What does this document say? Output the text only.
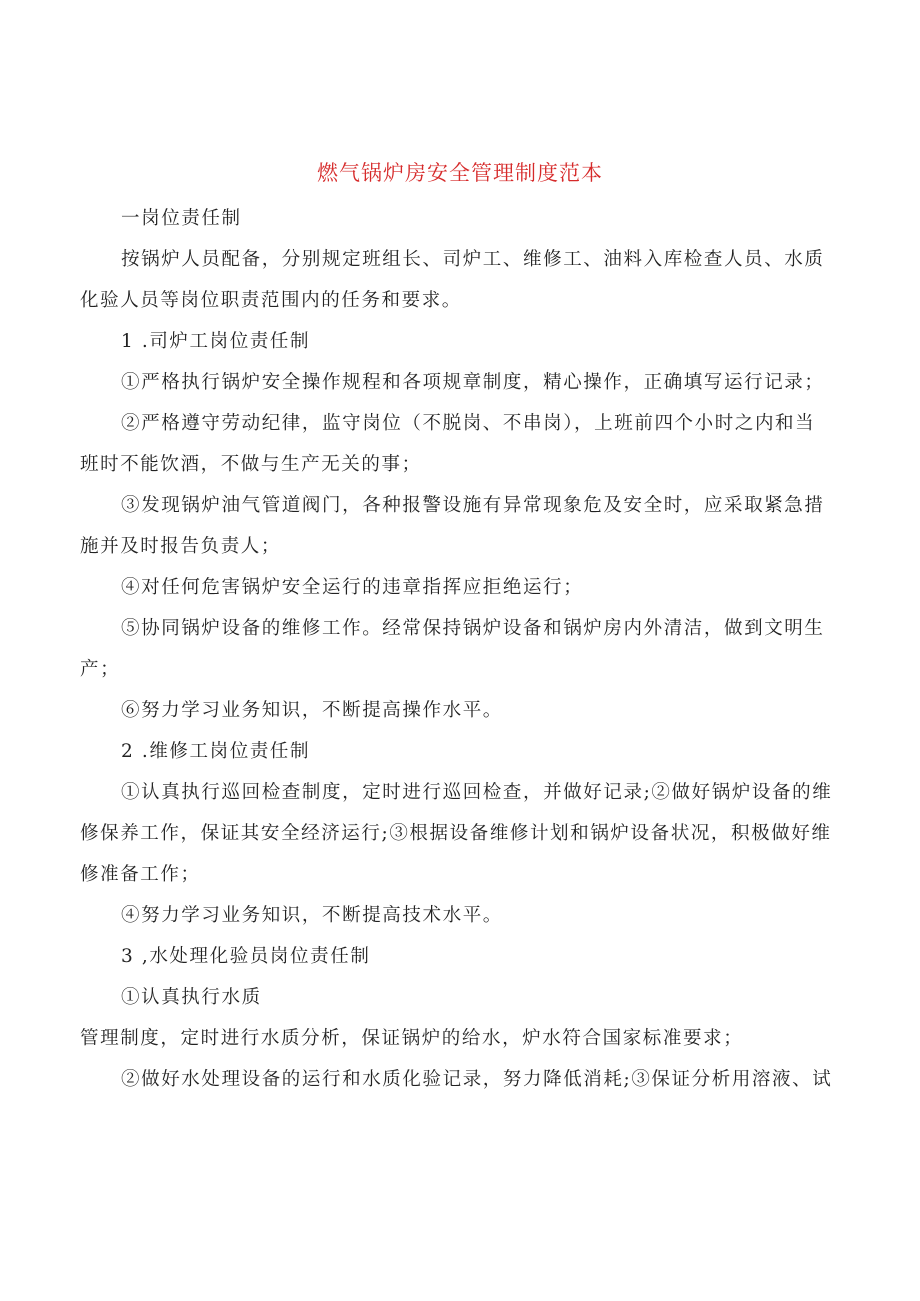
燃气锅炉房安全管理制度范本

一岗位责任制

按锅炉人员配备，分别规定班组长、司炉工、维修工、油料入库检查人员、水质

化验人员等岗位职责范围内的任务和要求。

1 .司炉工岗位责任制

①严格执行锅炉安全操作规程和各项规章制度，精心操作，正确填写运行记录；

②严格遵守劳动纪律，监守岗位（不脱岗、不串岗），上班前四个小时之内和当

班时不能饮酒，不做与生产无关的事；

③发现锅炉油气管道阀门，各种报警设施有异常现象危及安全时，应采取紧急措

施并及时报告负责人；

④对任何危害锅炉安全运行的违章指挥应拒绝运行；

⑤协同锅炉设备的维修工作。经常保持锅炉设备和锅炉房内外清洁，做到文明生

产；

⑥努力学习业务知识，不断提高操作水平。

2 .维修工岗位责任制

①认真执行巡回检查制度，定时进行巡回检查，并做好记录;②做好锅炉设备的维

修保养工作，保证其安全经济运行;③根据设备维修计划和锅炉设备状况，积极做好维

修准备工作；

④努力学习业务知识，不断提高技术水平。

3 ,水处理化验员岗位责任制

①认真执行水质

管理制度，定时进行水质分析，保证锅炉的给水，炉水符合国家标准要求；

②做好水处理设备的运行和水质化验记录，努力降低消耗;③保证分析用溶液、试
